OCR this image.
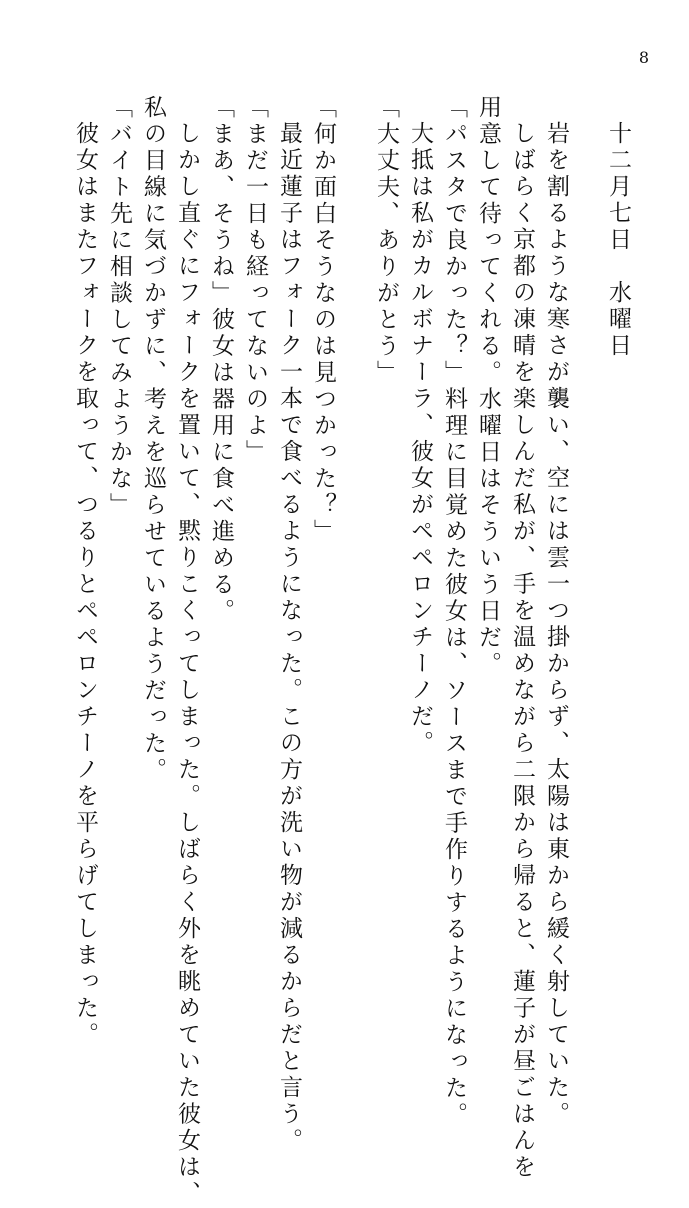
8
十二月七日水曜日
岩を割るような寒さが襲い、空には雲一つ掛からず、太陽は東から緩く射していた。
しばらく京都の凍晴を楽しんだ私が、手を温めながら二限から帰ると、蓮子が昼ごはんを
用意して待ってくれる。水曜日はそういう日だ。
「パスタで良かった？」料理に目覚めた彼女は、ソースまで手作りするようになった。
大抵は私がカルボナーラ、彼女がペペロンチーノだ。
「大丈夫、ありがとう」
「何か面白そうなのは見つかった？」
最近蓮子はフォーク一本で食べるようになった。この方が洗い物が減るからだと言う。
「まだ一日も経ってないのよ」
「まあ、そうね」彼女は器用に食べ進める。
しかし直ぐにフォークを置いて、黙りこくってしまった。しばらく外を眺めていた彼女は、
私の目線に気づかずに、考えを巡らせているようだった。
「バイト先に相談してみようかな」
彼女はまたフォークを取って、つるりとペペロンチーノを平らげてしまった。
